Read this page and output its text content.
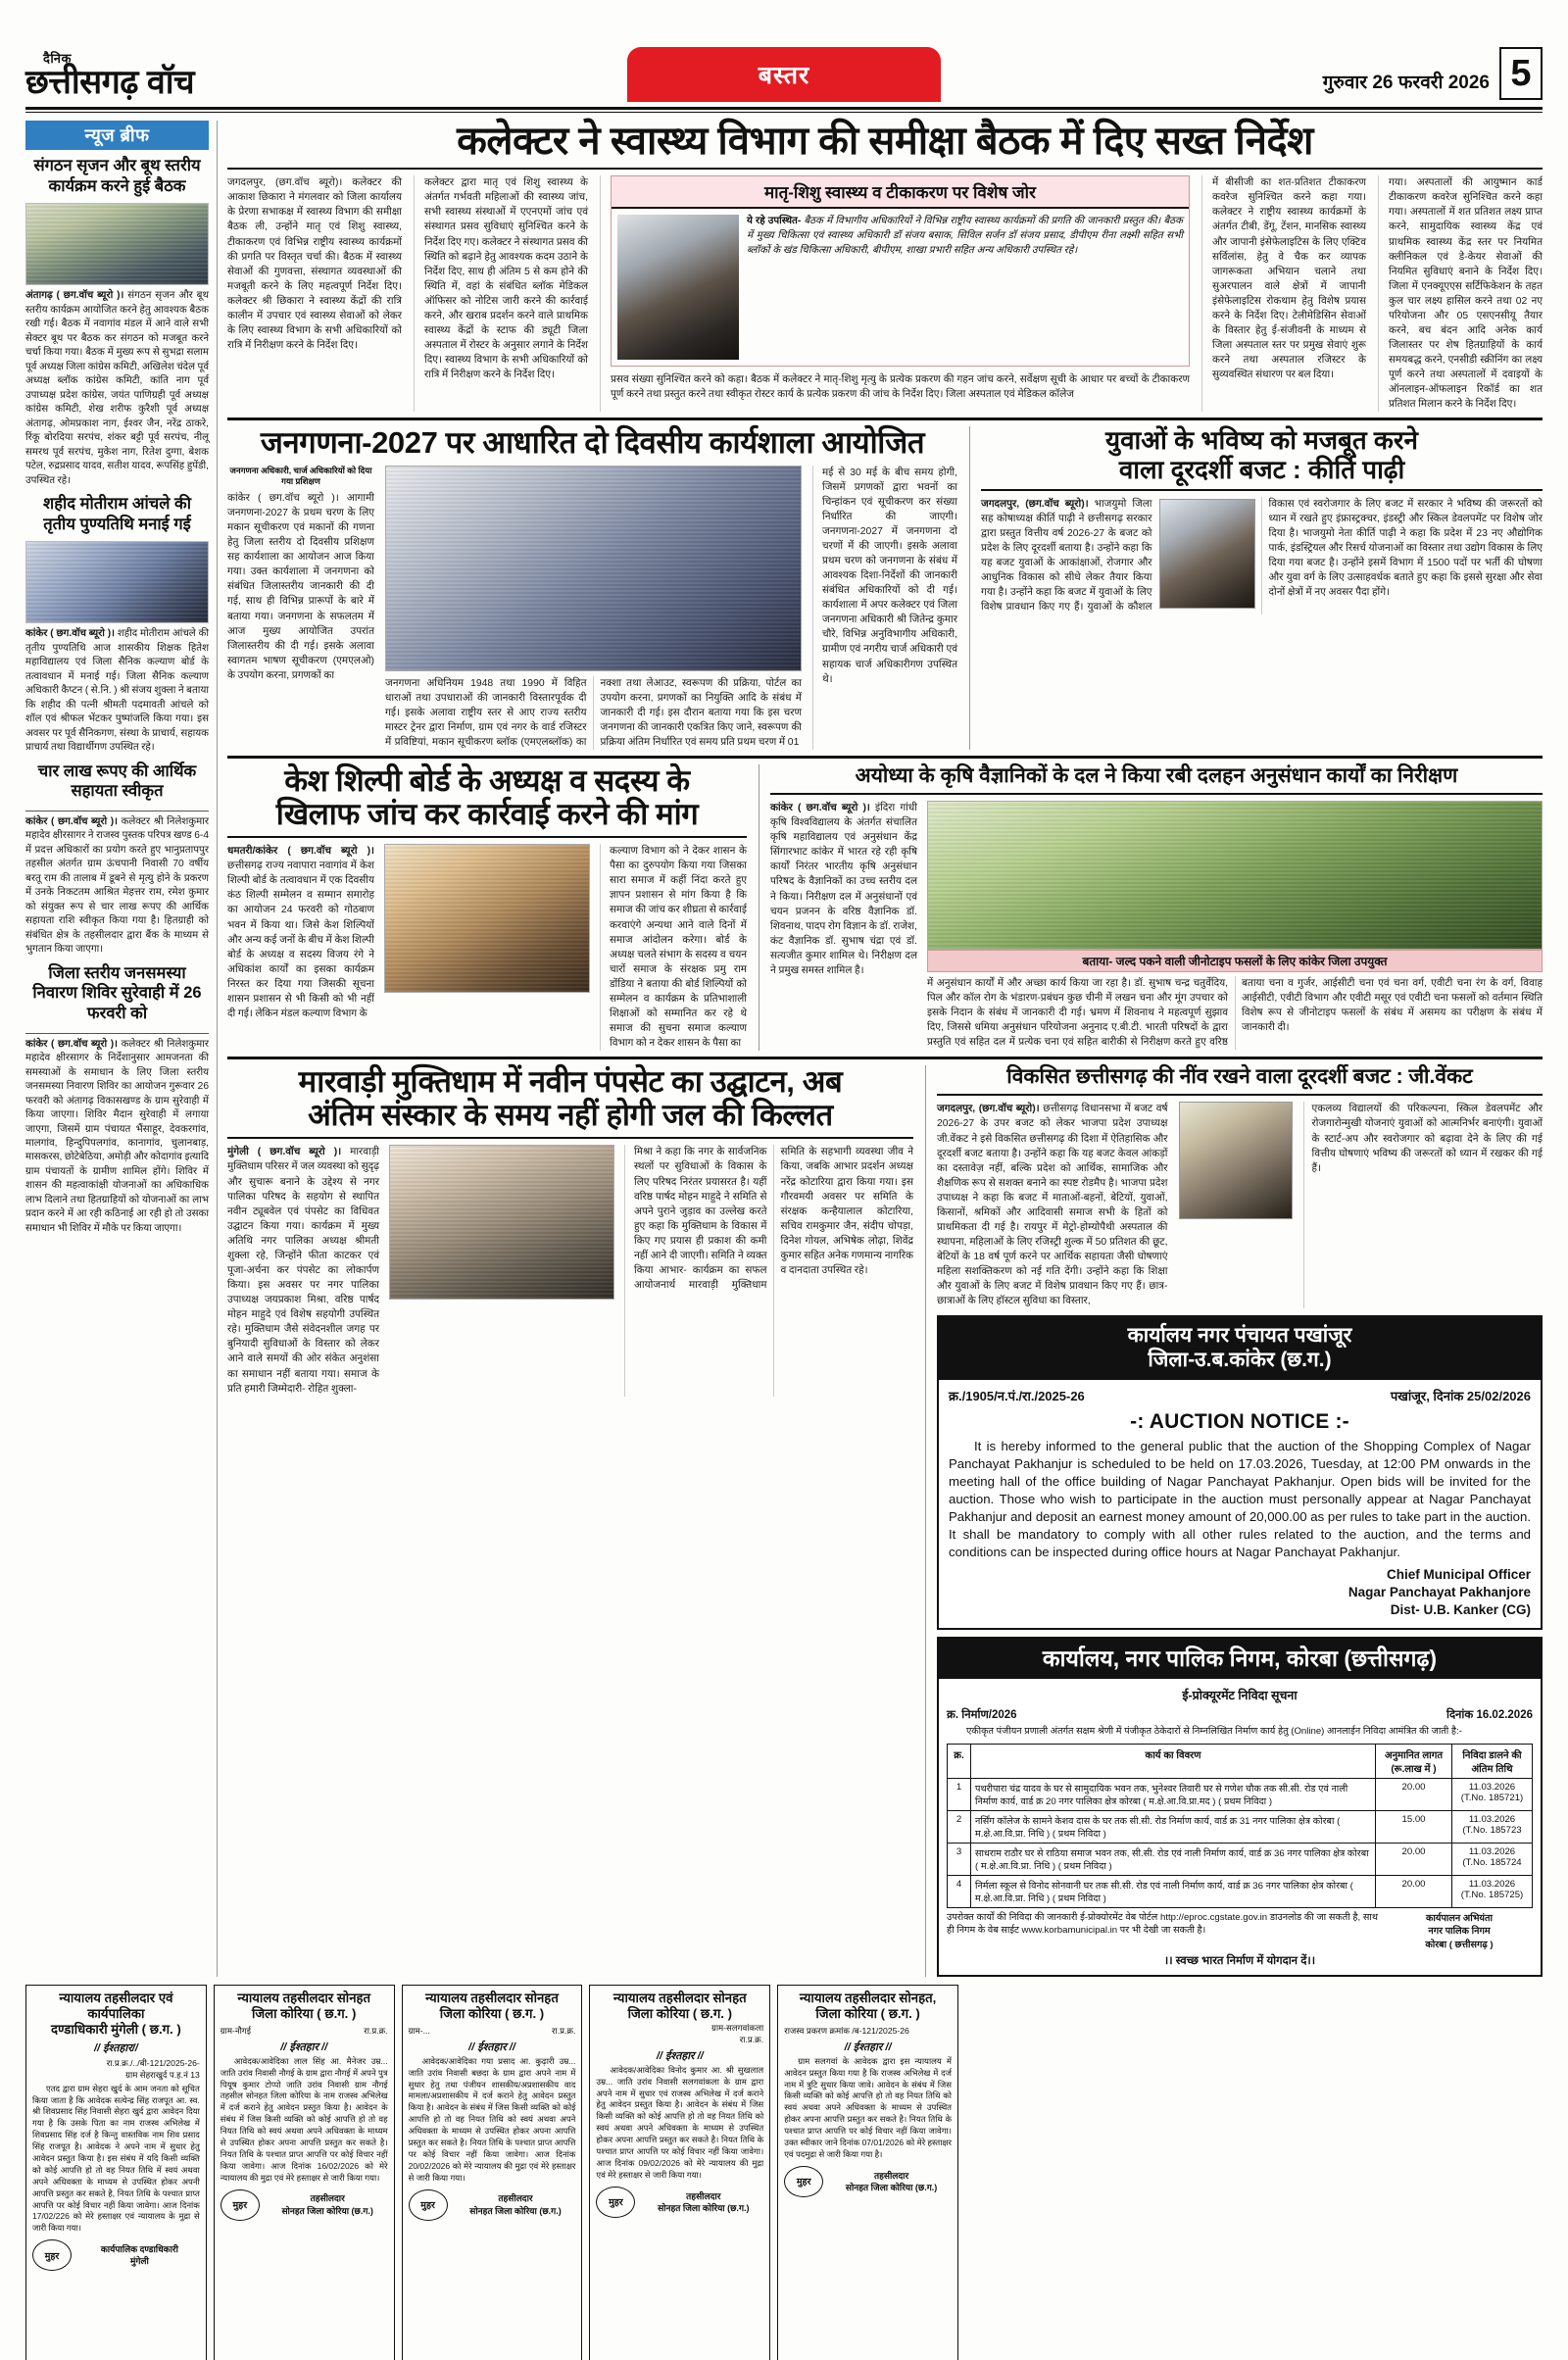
दैनिक
छत्तीसगढ़ वॉच	बस्तर	गुरुवार 26 फरवरी 2026 5
न्यूज ब्रीफ
संगठन सृजन और बूथ स्तरीय कार्यक्रम करने हुई बैठक
अंतागढ़ ( छग.वॉच ब्यूरो )। संगठन सृजन और बूथ स्तरीय कार्यक्रम आयोजित करने हेतु आवश्यक बैठक रखी गई। बैठक में नवागांव मंडल में आने वाले सभी सेक्टर बूथ पर बैठक कर संगठन को मजबूत करने चर्चा किया गया। बैठक में मुख्य रूप से सुभद्रा सलाम पूर्व अध्यक्ष जिला कांग्रेस कमिटी, अखिलेश चंदेल पूर्व अध्यक्ष ब्लॉक कांग्रेस कमिटी, कांति नाग पूर्व उपाध्यक्ष प्रदेश कांग्रेस, जयंत पाणिग्रही पूर्व अध्यक्ष कांग्रेस कमिटी, शेख शरीफ कुरैशी पूर्व अध्यक्ष अंतागढ़, ओमप्रकाश नाग, ईश्वर जैन, नरेंद्र ठाकरे, रिंकू बोरदिया सरपंच, शंकर बट्टी पूर्व सरपंच, नीलू समरथ पूर्व सरपंच, मुकेश नाग, रितेश दुग्गा, बेशक पटेल, रुद्रप्रसाद यादव, सतीश यादव, रूपसिंह हुपेंडी, उपस्थित रहे।
शहीद मोतीराम आंचले की तृतीय पुण्यतिथि मनाई गई
कांकेर ( छग.वॉच ब्यूरो )। शहीद मोतीराम आंचले की तृतीय पुण्यतिथि आज शासकीय शिक्षक हितेश महाविद्यालय एवं जिला सैनिक कल्याण बोर्ड के तत्वावधान में मनाई गई। जिला सैनिक कल्याण अधिकारी कैप्टन ( से.नि. ) श्री संजय शुक्ला ने बताया कि शहीद की पत्नी श्रीमती पदमावती आंचले को शॉल एवं श्रीफल भेंटकर पुष्पांजलि किया गया। इस अवसर पर पूर्व सैनिकगण, संस्था के प्राचार्य, सहायक प्राचार्य तथा विद्यार्थीगण उपस्थित रहे।
चार लाख रूपए की आर्थिक सहायता स्वीकृत
कांकेर ( छग.वॉच ब्यूरो )। कलेक्टर श्री निलेशकुमार महादेव क्षीरसागर ने राजस्व पुस्तक परिपत्र खण्ड 6-4 में प्रदत्त अधिकारों का प्रयोग करते हुए भानुप्रतापपुर तहसील अंतर्गत ग्राम ऊंचपानी निवासी 70 वर्षीय बरतू राम की तालाब में डूबने से मृत्यु होने के प्रकरण में उनके निकटतम आश्रित मेहत्तर राम, रमेश कुमार को संयुक्त रूप से चार लाख रूपए की आर्थिक सहायता राशि स्वीकृत किया गया है। हितग्राही को संबंधित क्षेत्र के तहसीलदार द्वारा बैंक के माध्यम से भुगतान किया जाएगा।
जिला स्तरीय जनसमस्या निवारण शिविर सुरेवाही में 26 फरवरी को
कांकेर ( छग.वॉच ब्यूरो )। कलेक्टर श्री निलेशकुमार महादेव क्षीरसागर के निर्देशानुसार आमजनता की समस्याओं के समाधान के लिए जिला स्तरीय जनसमस्या निवारण शिविर का आयोजन गुरूवार 26 फरवरी को अंतागढ़ विकासखण्ड के ग्राम सुरेवाही में किया जाएगा। शिविर मैदान सुरेवाही में लगाया जाएगा, जिसमें ग्राम पंचायत भैंसाहूर, देवकरगांव, मालगांव, हिन्दुपिपलगांव, कानागांव, चुलानबाड़, मासकरस, छोटेबेठिया, अमोड़ी और कोदागांव इत्यादि ग्राम पंचायतों के ग्रामीण शामिल होंगे। शिविर में शासन की महत्वाकांक्षी योजनाओं का अधिकाधिक लाभ दिलाने तथा हितग्राहियों को योजनाओं का लाभ प्रदान करने में आ रही कठिनाई आ रही हो तो उसका समाधान भी शिविर में मौके पर किया जाएगा।
कलेक्टर ने स्वास्थ्य विभाग की समीक्षा बैठक में दिए सख्त निर्देश
जगदलपुर, (छग.वॉच ब्यूरो)। कलेक्टर की आकाश छिकारा ने मंगलवार को जिला कार्यालय के प्रेरणा सभाकक्ष में स्वास्थ्य विभाग की समीक्षा बैठक ली, उन्होंने मातृ एवं शिशु स्वास्थ्य, टीकाकरण एवं विभिन्न राष्ट्रीय स्वास्थ्य कार्यक्रमों की प्रगति पर विस्तृत चर्चा की। बैठक में स्वास्थ्य सेवाओं की गुणवत्ता, संस्थागत व्यवस्थाओं की मजबूती करने के लिए महत्वपूर्ण निर्देश दिए। कलेक्टर श्री छिकारा ने स्वास्थ्य केंद्रों की रात्रि कालीन में उपचार एवं स्वास्थ्य सेवाओं को लेकर के लिए स्वास्थ्य विभाग के सभी अधिकारियों को रात्रि में निरीक्षण करने के निर्देश दिए।
कलेक्टर द्वारा मातृ एवं शिशु स्वास्थ्य के अंतर्गत गर्भवती महिलाओं की स्वास्थ्य जांच, सभी स्वास्थ्य संस्थाओं में एएनएमों जांच एवं संस्थागत प्रसव सुविधाएं सुनिश्चित करने के निर्देश दिए गए। कलेक्टर ने संस्थागत प्रसव की स्थिति को बढ़ाने हेतु आवश्यक कदम उठाने के निर्देश दिए, साथ ही अंतिम 5 से कम होने की स्थिति में, वहां के संबंधित ब्लॉक मेडिकल ऑफिसर को नोटिस जारी करने की कार्रवाई करने, और खराब प्रदर्शन करने वाले प्राथमिक स्वास्थ्य केंद्रों के स्टाफ की ड्यूटी जिला अस्पताल में रोस्टर के अनुसार लगाने के निर्देश दिए। स्वास्थ्य विभाग के सभी अधिकारियों को रात्रि में निरीक्षण करने के निर्देश दिए।
मातृ-शिशु स्वास्थ्य व टीकाकरण पर विशेष जोर
ये रहे उपस्थित- बैठक में विभागीय अधिकारियों ने विभिन्न राष्ट्रीय स्वास्थ्य कार्यक्रमों की प्रगति की जानकारी प्रस्तुत की। बैठक में मुख्य चिकित्सा एवं स्वास्थ्य अधिकारी डॉ संजय बसाक, सिविल सर्जन डॉ संजय प्रसाद, डीपीएम रीना लक्ष्मी सहित सभी ब्लॉकों के खंड चिकित्सा अधिकारी, बीपीएम, शाखा प्रभारी सहित अन्य अधिकारी उपस्थित रहे।
प्रसव संख्या सुनिश्चित करने को कहा। बैठक में कलेक्टर ने मातृ-शिशु मृत्यु के प्रत्येक प्रकरण की गहन जांच करने, सर्वेक्षण सूची के आधार पर बच्चों के टीकाकरण पूर्ण करने तथा प्रस्तुत करने तथा स्वीकृत रोस्टर कार्य के प्रत्येक प्रकरण की जांच के निर्देश दिए। जिला अस्पताल एवं मेडिकल कॉलेज
में बीसीजी का शत-प्रतिशत टीकाकरण कवरेज सुनिश्चित करने कहा गया। कलेक्टर ने राष्ट्रीय स्वास्थ्य कार्यक्रमों के अंतर्गत टीबी, डेंगू, टेंशन, मानसिक स्वास्थ्य और जापानी इंसेफेलाइटिस के लिए एक्टिव सर्विलांस, हेतु वे चैक कर व्यापक जागरूकता अभियान चलाने तथा सुअरपालन वाले क्षेत्रों में जापानी इंसेफेलाइटिस रोकथाम हेतु विशेष प्रयास करने के निर्देश दिए। टेलीमेडिसिन सेवाओं के विस्तार हेतु ई-संजीवनी के माध्यम से जिला अस्पताल स्तर पर प्रमुख सेवाएं शुरू करने तथा अस्पताल रजिस्टर के सुव्यवस्थित संधारण पर बल दिया।
गया। अस्पतालों की आयुष्मान कार्ड टीकाकरण कवरेज सुनिश्चित करने कहा गया। अस्पतालों में शत प्रतिशत लक्ष्य प्राप्त करने, सामुदायिक स्वास्थ्य केंद्र एवं प्राथमिक स्वास्थ्य केंद्र स्तर पर नियमित क्लीनिकल एवं डे-केयर सेवाओं की नियमित सुविधाएं बनाने के निर्देश दिए। जिला में एनक्यूएएस सर्टिफिकेशन के तहत कुल चार लक्ष्य हासिल करने तथा 02 नए परियोजना और 05 एसएनसीयू तैयार करने, बच बंदन आदि अनेक कार्य जिलास्तर पर शेष हितग्राहियों के कार्य समयबद्ध करने, एनसीडी स्क्रीनिंग का लक्ष्य पूर्ण करने तथा अस्पतालों में दवाइयों के ऑनलाइन-ऑफलाइन रिकॉर्ड का शत प्रतिशत मिलान करने के निर्देश दिए।
जनगणना-2027 पर आधारित दो दिवसीय कार्यशाला आयोजित
जनगणना अधिकारी, चार्ज अधिकारियों को दिया गया प्रशिक्षण
कांकेर ( छग.वॉच ब्यूरो )। आगामी जनगणना-2027 के प्रथम चरण के लिए मकान सूचीकरण एवं मकानों की गणना हेतु जिला स्तरीय दो दिवसीय प्रशिक्षण सह कार्यशाला का आयोजन आज किया गया। उक्त कार्यशाला में जनगणना को संबंधित जिलास्तरीय जानकारी की दी गई, साथ ही विभिन्न प्रारूपों के बारे में बताया गया। जनगणना के सफलतम में आज मुख्य आयोजित उपरांत जिलास्तरीय की दी गई। इसके अलावा स्वागतम भाषण सूचीकरण (एमएलओ) के उपयोग करना, प्रगणकों का
जनगणना अधिनियम 1948 तथा 1990 में विहित धाराओं तथा उपधाराओं की जानकारी विस्तारपूर्वक दी गई। इसके अलावा राष्ट्रीय स्तर से आए राज्य स्तरीय मास्टर ट्रेनर द्वारा निर्माण, ग्राम एवं नगर के वार्ड रजिस्टर में प्रविष्टियां, मकान सूचीकरण ब्लॉक (एमएलब्लॉक) का नक्शा तथा लेआउट, स्वरूपण की प्रक्रिया, पोर्टल का उपयोग करना, प्रगणकों का नियुक्ति आदि के संबंध में जानकारी दी गई। इस दौरान बताया गया कि इस चरण जनगणना की जानकारी एकत्रित किए जाने, स्वरूपण की प्रक्रिया अंतिम निर्धारित एवं समय प्रति प्रथम चरण में 01
मई से 30 मई के बीच समय होगी, जिसमें प्रगणकों द्वारा भवनों का चिन्हांकन एवं सूचीकरण कर संख्या निर्धारित की जाएगी। जनगणना-2027 में जनगणना दो चरणों में की जाएगी। इसके अलावा प्रथम चरण को जनगणना के संबंध में आवश्यक दिशा-निर्देशों की जानकारी संबंधित अधिकारियों को दी गई। कार्यशाला में अपर कलेक्टर एवं जिला जनगणना अधिकारी श्री जितेन्द्र कुमार चौरे, विभिन्न अनुविभागीय अधिकारी, ग्रामीण एवं नगरीय चार्ज अधिकारी एवं सहायक चार्ज अधिकारीगण उपस्थित थे।
युवाओं के भविष्य को मजबूत करने
वाला दूरदर्शी बजट : कीर्ति पाढ़ी
जगदलपुर, (छग.वॉच ब्यूरो)। भाजयुमो जिला सह कोषाध्यक्ष कीर्ति पाढ़ी ने छत्तीसगढ़ सरकार द्वारा प्रस्तुत वित्तीय वर्ष 2026-27 के बजट को प्रदेश के लिए दूरदर्शी बताया है। उन्होंने कहा कि यह बजट युवाओं के आकांक्षाओं, रोजगार और आधुनिक विकास को सीधे लेकर तैयार किया गया है। उन्होंने कहा कि बजट में युवाओं के लिए विशेष प्रावधान किए गए हैं। युवाओं के कौशल विकास एवं स्वरोजगार के लिए बजट में सरकार ने भविष्य की जरूरतों को ध्यान में रखते हुए इंफ्रास्ट्रक्चर, इंडस्ट्री और स्किल डेवलपमेंट पर विशेष जोर दिया है। भाजयुमो नेता कीर्ति पाढ़ी ने कहा कि प्रदेश में 23 नए औद्योगिक पार्क, इंडस्ट्रियल और रिसर्च योजनाओं का विस्तार तथा उद्योग विकास के लिए दिया गया बजट है। उन्होंने इसमें विभाग में 1500 पदों पर भर्ती की घोषणा और युवा वर्ग के लिए उत्साहवर्धक बताते हुए कहा कि इससे सुरक्षा और सेवा दोनों क्षेत्रों में नए अवसर पैदा होंगे।
केश शिल्पी बोर्ड के अध्यक्ष व सदस्य के
खिलाफ जांच कर कार्रवाई करने की मांग
धमतरी/कांकेर ( छग.वॉच ब्यूरो )। छत्तीसगढ़ राज्य नवापारा नवागांव में केश शिल्पी बोर्ड के तत्वावधान में एक दिवसीय कंठ शिल्पी सम्मेलन व सम्मान समारोह का आयोजन 24 फरवरी को गोठबाण भवन में किया था। जिसे केश शिल्पियों और अन्य कई जनों के बीच में केश शिल्पी बोर्ड के अध्यक्ष व सदस्य विजय रंगे ने अधिकांश कार्यों का इसका कार्यक्रम निरस्त कर दिया गया जिसकी सूचना शासन प्रशासन से भी किसी को भी नहीं दी गई। लेकिन मंडल कल्याण विभाग के
कल्याण विभाग को ने देकर शासन के पैसा का दुरुपयोग किया गया जिसका सारा समाज में कहीं निंदा करते हुए ज्ञापन प्रशासन से मांग किया है कि समाज की जांच कर शीघ्रता से कार्रवाई करवाएंगे अन्यथा आने वाले दिनों में समाज आंदोलन करेगा। बोर्ड के अध्यक्ष चलते संभाग के सदस्य व चयन चारों समाज के संरक्षक प्रमु राम डोंडिया ने बताया की बोर्ड शिल्पियों को सम्मेलन व कार्यक्रम के प्रतिभाशाली शिक्षाओं को सम्मानित कर रहे थे समाज की सुचना समाज कल्याण विभाग को न देकर शासन के पैसा का
अयोध्या के कृषि वैज्ञानिकों के दल ने किया रबी दलहन अनुसंधान कार्यों का निरीक्षण
कांकेर ( छग.वॉच ब्यूरो )। इंदिरा गांधी कृषि विश्वविद्यालय के अंतर्गत संचालित कृषि महाविद्यालय एवं अनुसंधान केंद्र सिंगारभाट कांकेर में भारत रहे रही कृषि कार्यों निरंतर भारतीय कृषि अनुसंधान परिषद के वैज्ञानिकों का उच्च स्तरीय दल ने किया। निरीक्षण दल में अनुसंधानों एवं चयन प्रजनन के वरिष्ठ वैज्ञानिक डॉ. शिवनाथ, पादप रोग विज्ञान के डॉ. राजेश, कंट वैज्ञानिक डॉ. सुभाष चंद्रा एवं डॉ. सत्यजीत कुमार शामिल थे। निरीक्षण दल ने प्रमुख समस्त शामिल है।
बताया- जल्द पकने वाली जीनोटाइप फसलों के लिए कांकेर जिला उपयुक्त
में अनुसंधान कार्यों में और अच्छा कार्य किया जा रहा है। डॉ. सुभाष चन्द्र चतुर्वेदिय, पिल और कॉल रोग के भंडारण-प्रबंधन कुछ चीनी में लखन चना और मूंग उपचार को इसके निदान के संबंध में जानकारी दी गई। भ्रमण में शिवनाथ ने महत्वपूर्ण सुझाव दिए, जिससे धमिया अनुसंधान परियोजना अनुनाद ए.बी.टी. भारती परिषदों के द्वारा प्रस्तुति एवं सहित दल में प्रत्येक चना एवं सहित बारीकी से निरीक्षण करते हुए वरिष्ठ बताया चना व गुर्जर, आईसीटी चना एवं चना वर्ग, एवीटी चना रंग के वर्ग, विवाह आईसीटी, एवीटी विभाग और एवीटी मसूर एवं एवीटी चना फसलों को वर्तमान स्थिति विशेष रूप से जीनोटाइप फसलों के संबंध में असमय का परीक्षण के संबंध में जानकारी दी।
मारवाड़ी मुक्तिधाम में नवीन पंपसेट का उद्घाटन, अब
अंतिम संस्कार के समय नहीं होगी जल की किल्लत
मुंगेली ( छग.वॉच ब्यूरो )। मारवाड़ी मुक्तिधाम परिसर में जल व्यवस्था को सुदृढ़ और सुचारू बनाने के उद्देश्य से नगर पालिका परिषद के सहयोग से स्थापित नवीन ट्यूबवेल एवं पंपसेट का विधिवत उद्घाटन किया गया। कार्यक्रम में मुख्य अतिथि नगर पालिका अध्यक्ष श्रीमती शुक्ला रहे, जिन्होंने फीता काटकर एवं पूजा-अर्चना कर पंपसेट का लोकार्पण किया। इस अवसर पर नगर पालिका उपाध्यक्ष जयप्रकाश मिश्रा, वरिष्ठ पार्षद मोहन माहुदे एवं विशेष सहयोगी उपस्थित रहे। मुक्तिधाम जैसे संवेदनशील जगह पर बुनियादी सुविधाओं के विस्तार को लेकर आने वाले समयों की ओर संकेत अनुशंसा का समाधान नहीं बताया गया। समाज के प्रति हमारी जिम्मेदारी- रोहित शुक्ला-
मिश्रा ने कहा कि नगर के सार्वजनिक स्थलों पर सुविधाओं के विकास के लिए परिषद निरंतर प्रयासरत है। यहीं वरिष्ठ पार्षद मोहन माहुदे ने समिति से अपने पुराने जुड़ाव का उल्लेख करते हुए कहा कि मुक्तिधाम के विकास में किए गए प्रयास ही प्रकाश की कमी नहीं आने दी जाएगी। समिति ने व्यक्त किया आभार- कार्यक्रम का सफल आयोजनार्थ मारवाड़ी मुक्तिधाम समिति के सहभागी व्यवस्था जीव ने किया, जबकि आभार प्रदर्शन अध्यक्ष नरेंद्र कोटारिया द्वारा किया गया। इस गौरवमयी अवसर पर समिति के संरक्षक कन्हैयालाल कोटारिया, सचिव रामकुमार जैन, संदीप चोपड़ा, दिनेश गोयल, अभिषेक लोढ़ा, शिवेंद्र कुमार सहित अनेक गणमान्य नागरिक व दानदाता उपस्थित रहे।
विकसित छत्तीसगढ़ की नींव रखने वाला दूरदर्शी बजट : जी.वेंकट
जगदलपुर, (छग.वॉच ब्यूरो)। छत्तीसगढ़ विधानसभा में बजट वर्ष 2026-27 के उपर बजट को लेकर भाजपा प्रदेश उपाध्यक्ष जी.वेंकट ने इसे विकसित छत्तीसगढ़ की दिशा में ऐतिहासिक और दूरदर्शी बजट बताया है। उन्होंने कहा कि यह बजट केवल आंकड़ों का दस्तावेज़ नहीं, बल्कि प्रदेश को आर्थिक, सामाजिक और शैक्षणिक रूप से सशक्त बनाने का स्पष्ट रोडमैप है। भाजपा प्रदेश उपाध्यक्ष ने कहा कि बजट में माताओं-बहनों, बेटियों, युवाओं, किसानों, श्रमिकों और आदिवासी समाज सभी के हितों को प्राथमिकता दी गई है। रायपुर में मेट्रो-होम्योपैथी अस्पताल की स्थापना, महिलाओं के लिए रजिस्ट्री शुल्क में 50 प्रतिशत की छूट, बेटियों के 18 वर्ष पूर्ण करने पर आर्थिक सहायता जैसी घोषणाएं महिला सशक्तिकरण को नई गति देंगी। उन्होंने कहा कि शिक्षा और युवाओं के लिए बजट में विशेष प्रावधान किए गए हैं। छात्र-छात्राओं के लिए हॉस्टल सुविधा का विस्तार,
एकलव्य विद्यालयों की परिकल्पना, स्किल डेवलपमेंट और रोजगारोन्मुखी योजनाएं युवाओं को आत्मनिर्भर बनाएंगी। युवाओं के स्टार्ट-अप और स्वरोजगार को बढ़ावा देने के लिए की गई वित्तीय घोषणाएं भविष्य की जरूरतों को ध्यान में रखकर की गई हैं।
कार्यालय नगर पंचायत पखांजूर
जिला-उ.ब.कांकेर (छ.ग.)
क्र./1905/न.पं./रा./2025-26	पखांजूर, दिनांक 25/02/2026
-: AUCTION NOTICE :-
It is hereby informed to the general public that the auction of the Shopping Complex of Nagar Panchayat Pakhanjur is scheduled to be held on 17.03.2026, Tuesday, at 12:00 PM onwards in the meeting hall of the office building of Nagar Panchayat Pakhanjur. Open bids will be invited for the auction. Those who wish to participate in the auction must personally appear at Nagar Panchayat Pakhanjur and deposit an earnest money amount of 20,000.00 as per rules to take part in the auction. It shall be mandatory to comply with all other rules related to the auction, and the terms and conditions can be inspected during office hours at Nagar Panchayat Pakhanjur.
Chief Municipal Officer
Nagar Panchayat Pakhanjore
Dist- U.B. Kanker (CG)
कार्यालय, नगर पालिक निगम, कोरबा (छत्तीसगढ़)
ई-प्रोक्यूरमेंट निविदा सूचना
क्र. निर्माण/2026	दिनांक 16.02.2026
एकीकृत पंजीयन प्रणाली अंतर्गत सक्षम श्रेणी में पंजीकृत ठेकेदारों से निम्नलिखित निर्माण कार्य हेतु (Online) आनलाईन निविदा आमंत्रित की जाती है:-
क्र.	कार्य का विवरण	अनुमानित लागत (रू.लाख में )	निविदा डालने की अंतिम तिथि
1	पथरीपारा चंद्र यादव के घर से सामुदायिक भवन तक, भुनेश्वर तिवारी घर से गणेश चौक तक सी.सी. रोड एवं नाली निर्माण कार्य, वार्ड क्र 20 नगर पालिका क्षेत्र कोरबा ( म.क्षे.आ.वि.प्रा.मद ) ( प्रथम निविदा )	20.00	11.03.2026
(T.No. 185721)

2	नर्सिंग कॉलेज के सामने केशव दास के घर तक सी.सी. रोड निर्माण कार्य, वार्ड क्र 31 नगर पालिका क्षेत्र कोरबा ( म.क्षे.आ.वि.प्रा. निधि ) ( प्रथम निविदा )	15.00	11.03.2026
(T.No. 185723

3	साधराम राठौर घर से राठिया समाज भवन तक, सी.सी. रोड एवं नाली निर्माण कार्य, वार्ड क्र 36 नगर पालिका क्षेत्र कोरबा ( म.क्षे.आ.वि.प्रा. निधि ) ( प्रथम निविदा )	20.00	11.03.2026
(T.No. 185724

4	निर्मला स्कूल से विनोद सोनवानी घर तक सी.सी. रोड एवं नाली निर्माण कार्य, वार्ड क्र 36 नगर पालिका क्षेत्र कोरबा ( म.क्षे.आ.वि.प्रा. निधि ) ( प्रथम निविदा )	20.00	11.03.2026
(T.No. 185725)
उपरोक्त कार्यों की निविदा की जानकारी ई-प्रोक्योरमेंट वेब पोर्टल http://eproc.cgstate.gov.in डाउनलोड की जा सकती है, साथ ही निगम के वेब साईट www.korbamunicipal.in पर भी देखी जा सकती है।
कार्यपालन अभियंता
नगर पालिक निगम
कोरबा ( छत्तीसगढ़ )
।। स्वच्छ भारत निर्माण में योगदान दें।।
न्यायालय तहसीलदार एवं कार्यपालिका
दण्डाधिकारी मुंगेली ( छ.ग. )
// ईश्तहार//
रा.प्र.क्र./../बी-121/2025-26-
ग्राम सेहराखुर्द प.ह.नं 13
एतद द्वारा ग्राम सेहरा खुर्द के आम जनता को सूचित किया जाता है कि आवेदक सत्येन्द्र सिंह राजपूत आ. स्व. श्री शिवप्रसाद सिंह निवासी सेहरा खुर्द द्वारा आवेदन दिया गया है कि उसके पिता का नाम राजस्व अभिलेख में शिवप्रसाद सिंह दर्ज है किन्तु वास्तविक नाम शिव प्रसाद सिंह राजपूत है। आवेदक ने अपने नाम में सुधार हेतु आवेदन प्रस्तुत किया है। इस संबंध में यदि किसी व्यक्ति को कोई आपत्ति हो तो वह नियत तिथि में स्वयं अथवा अपने अधिवक्ता के माध्यम से उपस्थित होकर अपनी आपत्ति प्रस्तुत कर सकते है, नियत तिथि के पश्चात प्राप्त आपत्ति पर कोई विचार नहीं किया जावेगा। आज दिनांक 17/02/226 को मेरे हस्ताक्षर एवं न्यायालय के मुद्रा से जारी किया गया।
मुहर
कार्यपालिक दण्डाधिकारी
मुंगेली
न्यायालय तहसीलदार सोनहत
जिला कोरिया ( छ.ग. )
ग्राम-नौगई	रा.प्र.क्र.
// ईश्तहार //
आवेदक/आवेदिका लाल सिंह आ. मैनेजर उम्र... जाति उरांव निवासी नौगई के ग्राम द्वारा नौगई में अपने पुत्र पियूष कुमार टोप्पो जाति उरांव निवासी ग्राम नौगई तहसील सोनहत जिला कोरिया के नाम राजस्व अभिलेख में दर्ज कराने हेतु आवेदन प्रस्तुत किया है। आवेदन के संबंध में जिस किसी व्यक्ति को कोई आपत्ति हो तो वह नियत तिथि को स्वयं अथवा अपने अधिवक्ता के माध्यम से उपस्थित होकर अपना आपत्ति प्रस्तुत कर सकते है। नियत तिथि के पश्चात प्राप्त आपत्ति पर कोई विचार नहीं किया जावेगा। आज दिनांक 16/02/2026 को मेरे न्यायालय की मुद्रा एवं मेरे हस्ताक्षर से जारी किया गया।
मुहर
तहसीलदार
सोनहत जिला कोरिया (छ.ग.)
न्यायालय तहसीलदार सोनहत
जिला कोरिया ( छ.ग. )
ग्राम-...	रा.प्र.क्र.
// ईश्तहार //
आवेदक/आवेदिका गया प्रसाद आ. कुढ़ारी उम्र... जाति उरांव निवासी बछदा के ग्राम द्वारा अपने नाम में सुधार हेतु तथा पंजीयन शासकीय/अप्रशासकीय वाद मामला/अप्रशासकीय में दर्ज कराने हेतु आवेदन प्रस्तुत किया है। आवेदन के संबंध में जिस किसी व्यक्ति को कोई आपत्ति हो तो वह नियत तिथि को स्वयं अथवा अपने अधिवक्ता के माध्यम से उपस्थित होकर अपना आपत्ति प्रस्तुत कर सकते है। नियत तिथि के पश्चात प्राप्त आपत्ति पर कोई विचार नहीं किया जावेगा। आज दिनांक 20/02/2026 को मेरे न्यायालय की मुद्रा एवं मेरे हस्ताक्षर से जारी किया गया।
मुहर
तहसीलदार
सोनहत जिला कोरिया (छ.ग.)
न्यायालय तहसीलदार सोनहत
जिला कोरिया ( छ.ग. )
ग्राम-सलगवांकला
रा.प्र.क्र.
// ईश्तहार //
आवेदक/आवेदिका विनोद कुमार आ. श्री सुखलाल उम्र... जाति उरांव निवासी सलगवांकला के ग्राम द्वारा अपने नाम में सुधार एवं राजस्व अभिलेख में दर्ज कराने हेतु आवेदन प्रस्तुत किया है। आवेदन के संबंध में जिस किसी व्यक्ति को कोई आपत्ति हो तो वह नियत तिथि को स्वयं अथवा अपने अधिवक्ता के माध्यम से उपस्थित होकर अपना आपत्ति प्रस्तुत कर सकते है। नियत तिथि के पश्चात प्राप्त आपत्ति पर कोई विचार नहीं किया जावेगा। आज दिनांक 09/02/2026 को मेरे न्यायालय की मुद्रा एवं मेरे हस्ताक्षर से जारी किया गया।
मुहर
तहसीलदार
सोनहत जिला कोरिया (छ.ग.)
न्यायालय तहसीलदार सोनहत,
जिला कोरिया ( छ.ग. )
राजस्व प्रकरण क्रमांक /ब-121/2025-26
// ईश्तहार //
ग्राम सलगवां के आवेदक द्वारा इस न्यायालय में आवेदन प्रस्तुत किया गया है कि राजस्व अभिलेख में दर्ज नाम में त्रुटि सुधार किया जावे। आवेदन के संबंध में जिस किसी व्यक्ति को कोई आपत्ति हो तो वह नियत तिथि को स्वयं अथवा अपने अधिवक्ता के माध्यम से उपस्थित होकर अपना आपत्ति प्रस्तुत कर सकते है। नियत तिथि के पश्चात प्राप्त आपत्ति पर कोई विचार नहीं किया जावेगा। उक्त स्वीकार जाने दिनांक 07/01/2026 को मेरे हस्ताक्षर एवं पदमुद्रा से जारी किया गया है।
मुहर
तहसीलदार
सोनहत जिला कोरिया (छ.ग.)
